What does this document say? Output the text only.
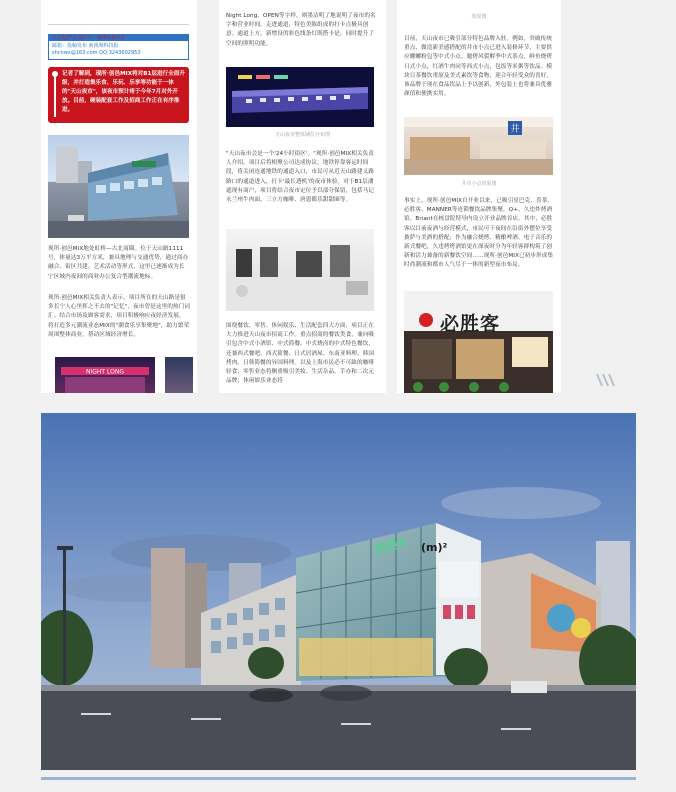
大众免费"互济医学"一键帮扶赢未来
邮箱：投稿发布 新视频科技报
shcnwx@163.com QQ:3243602953
记者了解到，现所·创邑MIX将对B1层进行全面升级，并打造集乐食、乐玩、乐享等功能于一体的"天山夜市"，该夜市预计将于今年7月对外开放。目前，硬装配套工作及招商工作正在有序推进。

现所·创邑MIX地处虹桥—古北商圈。位于天山路1111号，体量达3万平方米，兼具地理与交通优势，通过商办融合、街区共建、艺术活动等形式，这里已逐渐成为长宁区域内夜间的商业办公复合型潮流地标。

现所·创邑MIX相关负责人表示，项目所在的天山路是很多长宁人心里挥之不去的"记忆"，夜市曾是这里的热门词汇。结合市场及顾客需求，项目积极响应夜经济发展，将打造多元潮流业态MIX的"潮食乐享集聚地"，助力繁荣周围整体商业，帮动区域经济增长。

NIGHT LONG

Night Long、OPEN等字样，则墨洁明了地说明了夜市的名字和营业时间。走进通道，特色美陈组成的打卡点极具创意。通道上方，新增设的彩色线条灯既搭卡是，同时提升了空间的照明功能。

天山夜市整体铺位分布图

"天山夜市会是一个'24小时街区'。"现所·创邑MIX相关负责人介绍，项目后将相聚公司达成协议，地铁停靠客运时间段，将关闭连通地铁的通道入口，市民可从近天山路建义路路口的通道进入，打卡'最长透机'的夜市体验。对于B1层潘遮现有商户，项目将结合夜市定位予以部分保留，包括马记永兰州牛肉面、三立方咖啡、唐恩都乐甜甜圈等。

围绕餐饮、零售、休闲娱乐、生活配套四大方面，项目正在大力推进天山夜市招商工作。重点招商的餐饮类食，兼向吸引包含中式小酒馆、中式简餐、中式烧卤的中式特色餐饮，还兼西式餐吧、西式简餐、日式居酒屋、东南亚料理、韩国烤肉、日韩简餐的异国料理。以及上海市民必不可缺的咖啡轻食；零售业态将侧重吸引美妆、生活杂品、手办和二次元品牌；休闲娱乐业态将

效果图

目前，天山夜市已吸引部分特色品牌入驻。例如，突破传统重点，做造新美感搭配的井市小点已进入装修环节，主要供应螺蛳粉包等中式小点、题烤风裂解季中式茶点，鲜鱼烧烤日式小点，红酒牛肉同等西式小点，包饭等米粥等饮品。模块日茶餐饮重原及美式素饮等食物，迎合年轻受众的喜好，该品牌于现在食品饮品上予以创新，外包装上也将兼具优雅颜值和便携实用。

井
井市小点效果图

事实上，现所·创邑MIX自开业以来，已吸引星巴克、喜茶、必胜客、MANNER等连锁餐饮品牌集聚，Q+、久违炸烤酒馆、Briant在核盘院特导内设立开业品牌首店。其中，必胜客以目前夜酒与经营模式，市民可于夜间在沿街外摆位享受披萨与美酒的搭配；作为融合烧烤、精酿啤酒、电子音乐的新式餐吧，久违烤烤酒馆更在深夜时分为年轻客群构筑了创新和活力兼备的新餐饮空间……现所·创邑MIX已初步形成集时尚潮流和都市人气尽于一体的新型夜市布局。

必胜客
创邑Y (m)²
